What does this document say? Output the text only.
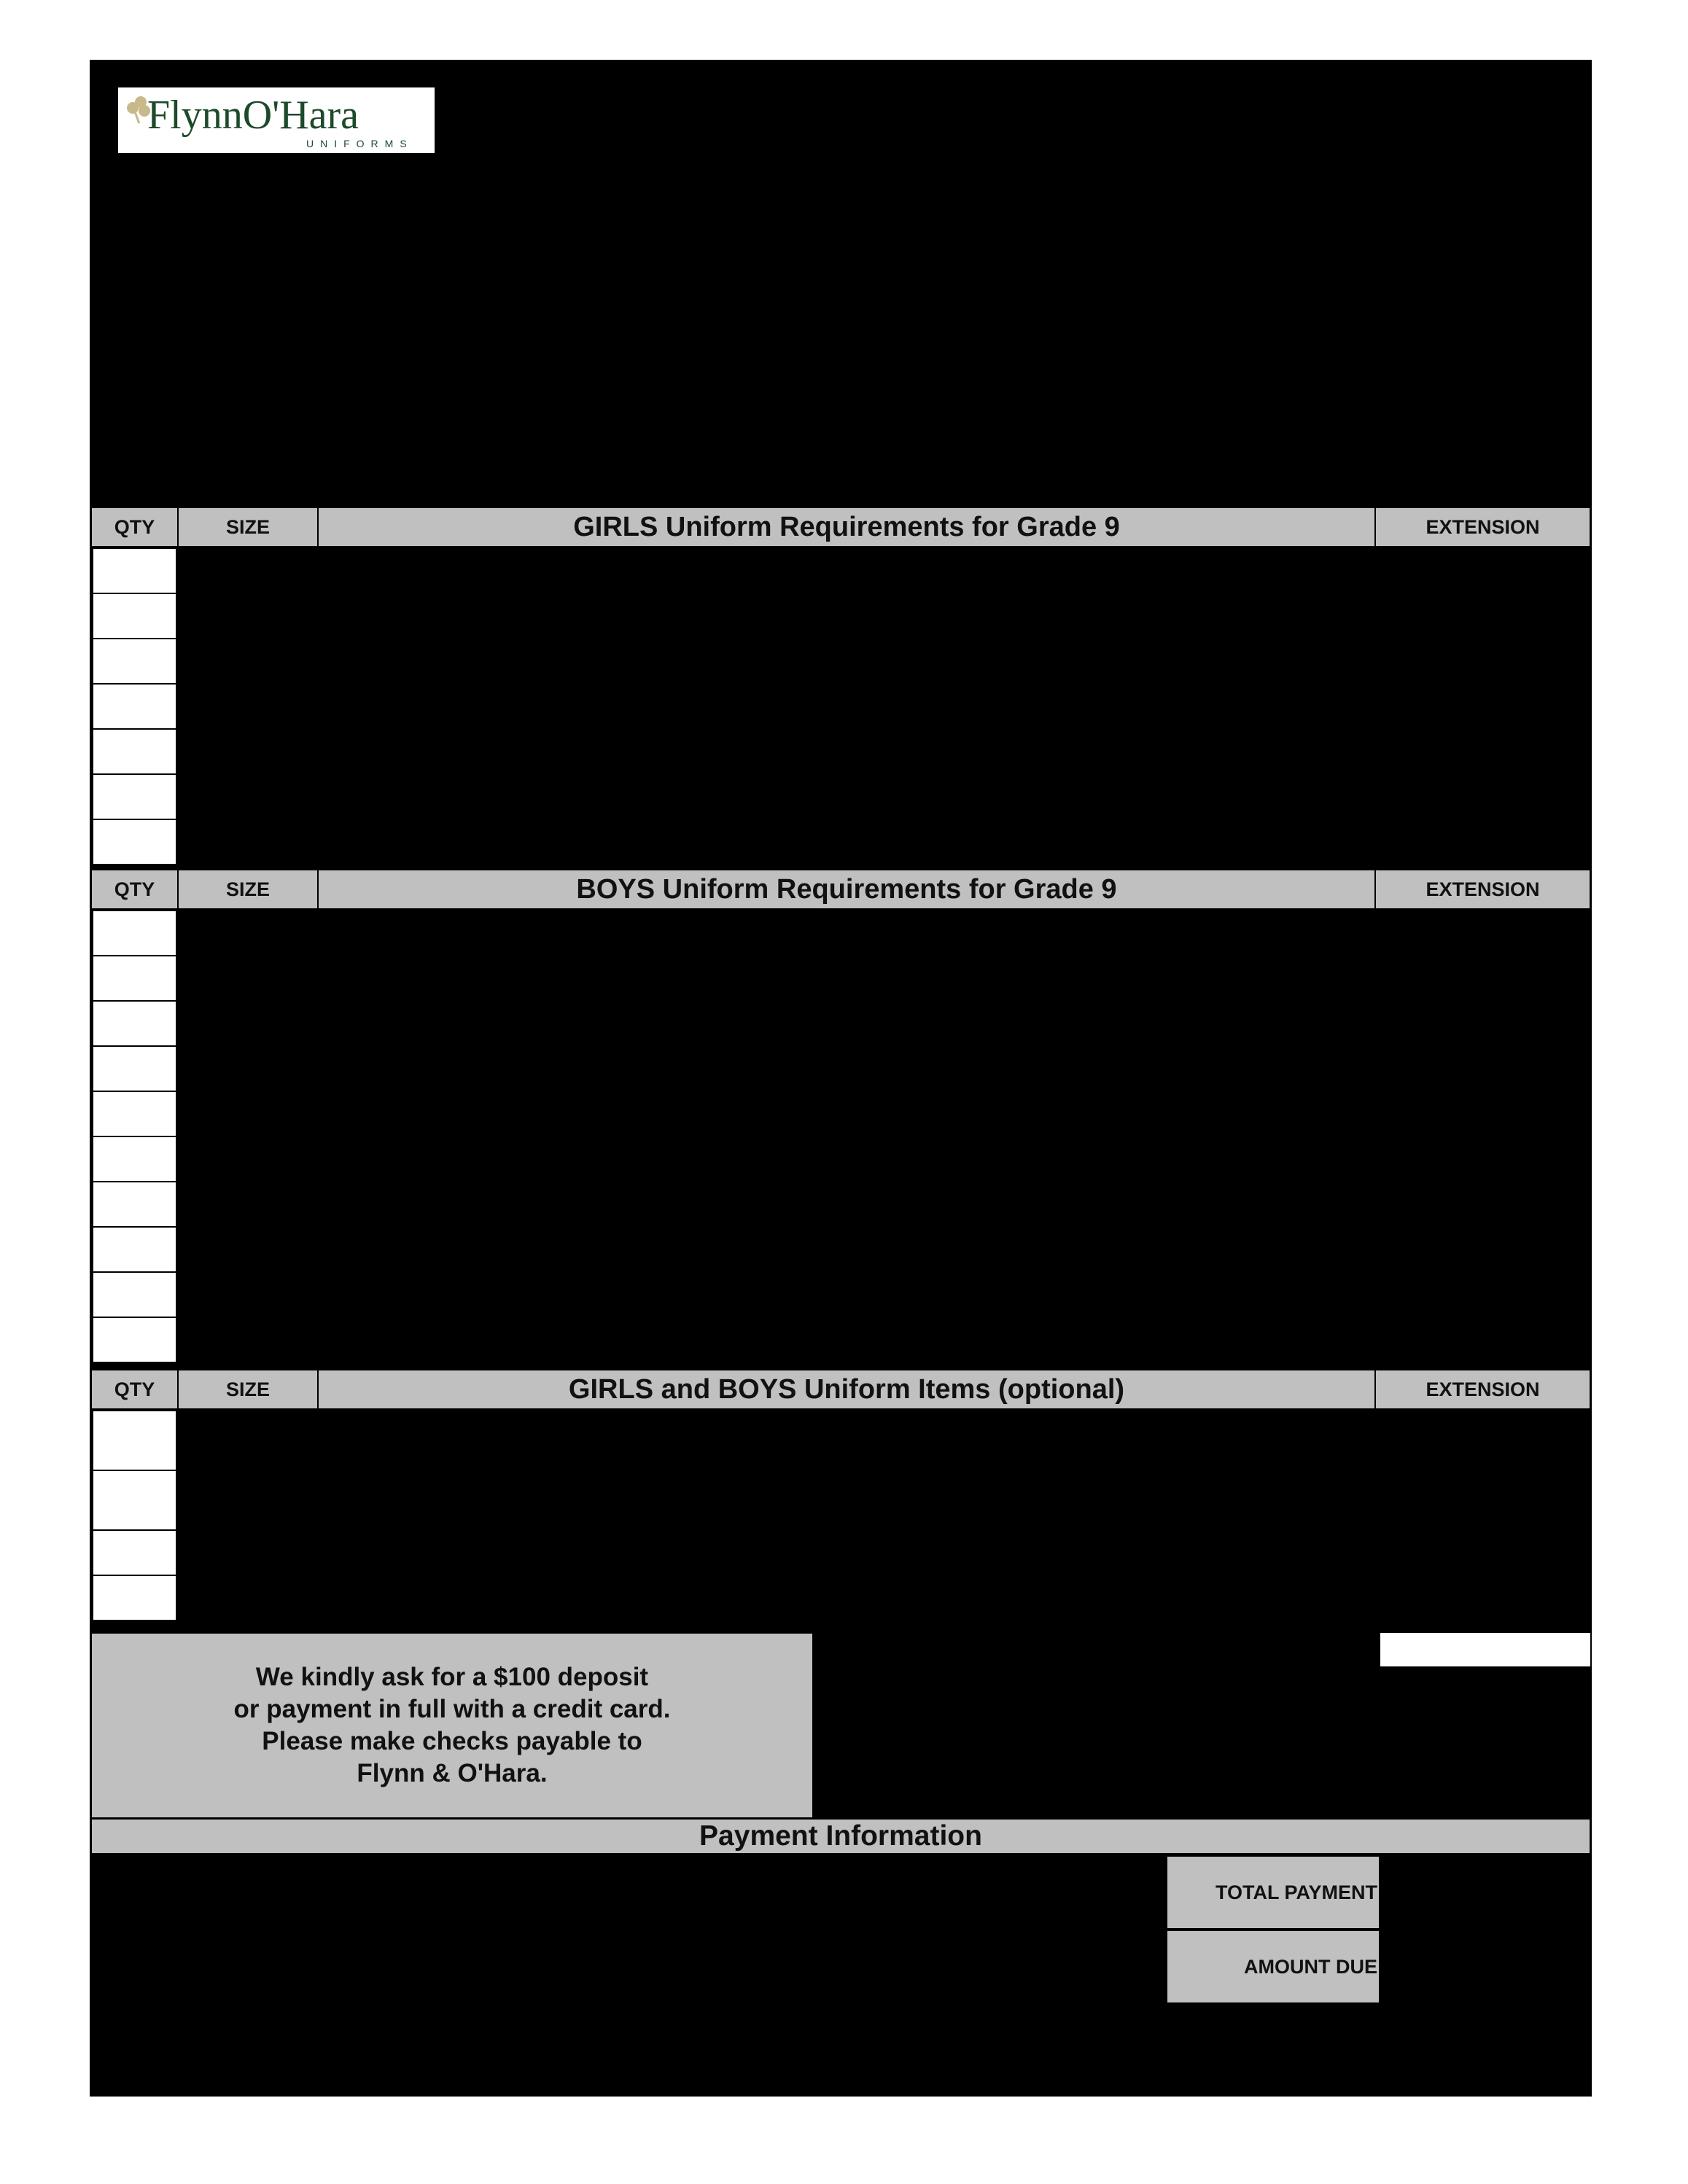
FlynnO'Hara
UNIFORMS
QTY	SIZE	GIRLS Uniform Requirements for Grade 9	EXTENSION
QTY	SIZE	BOYS Uniform Requirements for Grade 9	EXTENSION
QTY	SIZE	GIRLS and BOYS Uniform Items (optional)	EXTENSION
We kindly ask for a $100 deposit
or payment in full with a credit card.
Please make checks payable to
Flynn & O'Hara.
Payment Information
TOTAL PAYMENT
AMOUNT DUE
